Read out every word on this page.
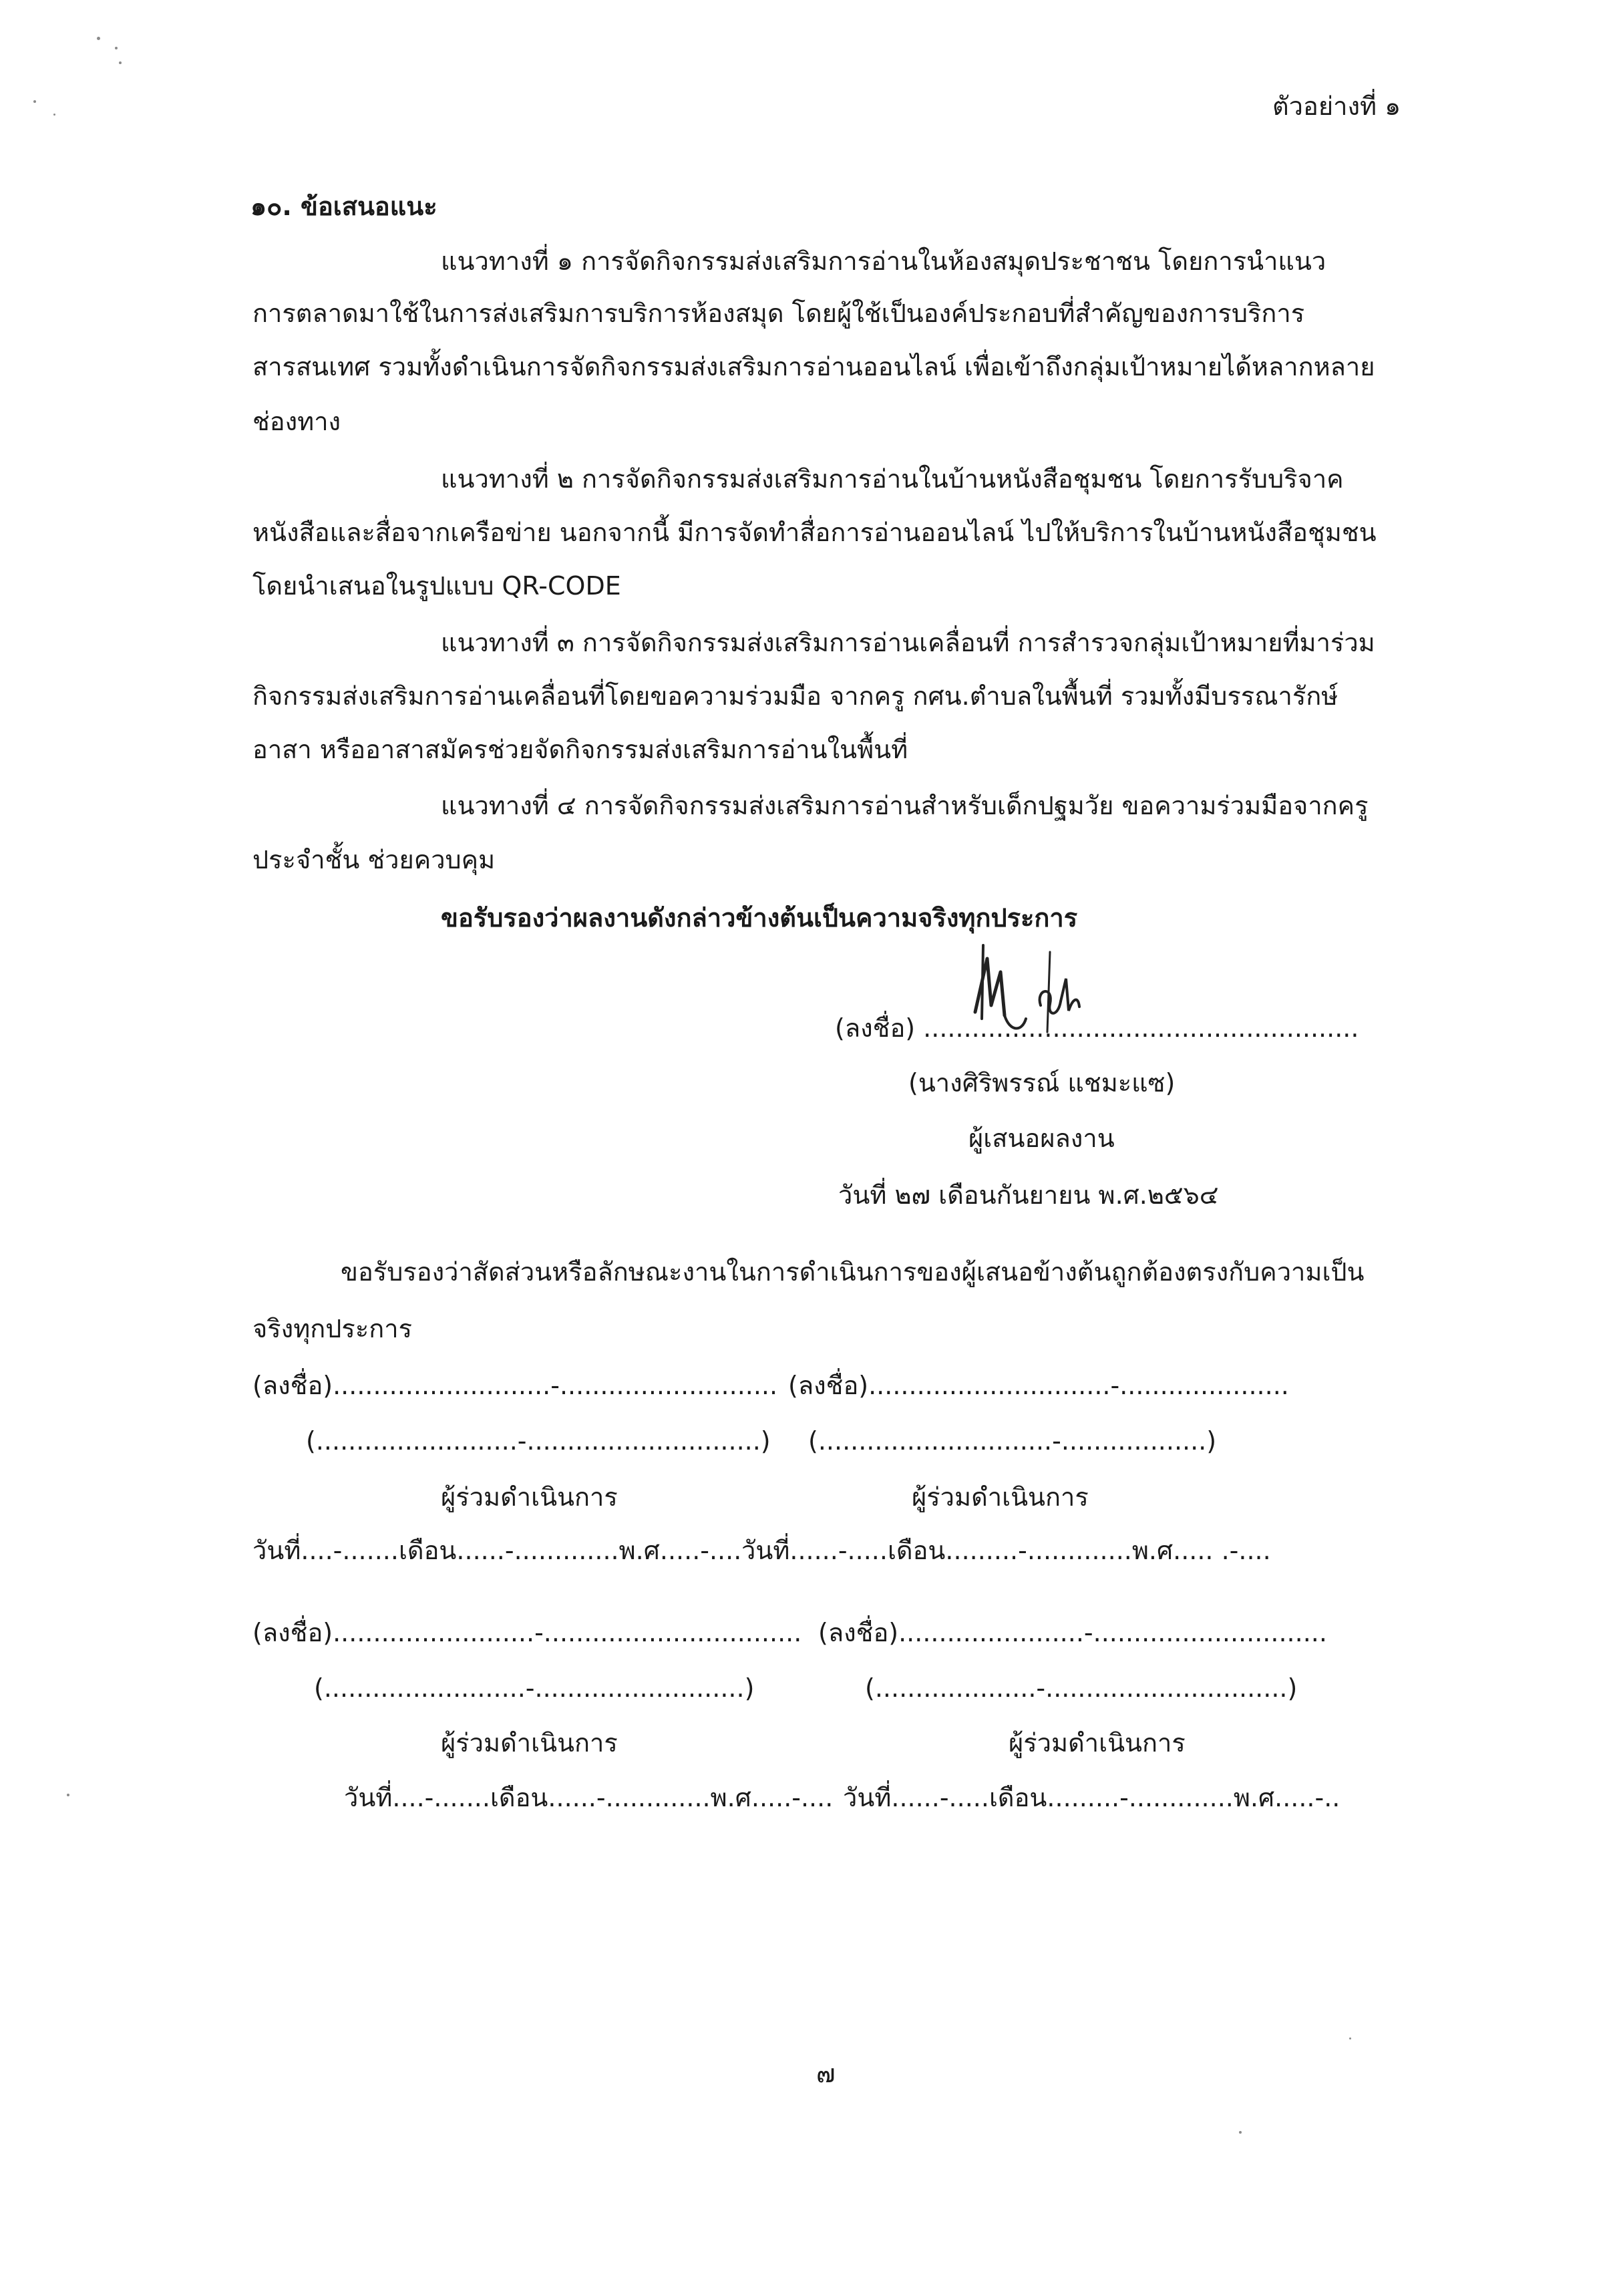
ตัวอย่างที่ ๑
๑๐. ข้อเสนอแนะ
แนวทางที่ ๑ การจัดกิจกรรมส่งเสริมการอ่านในห้องสมุดประชาชน โดยการนำแนว
การตลาดมาใช้ในการส่งเสริมการบริการห้องสมุด โดยผู้ใช้เป็นองค์ประกอบที่สำคัญของการบริการ
สารสนเทศ รวมทั้งดำเนินการจัดกิจกรรมส่งเสริมการอ่านออนไลน์ เพื่อเข้าถึงกลุ่มเป้าหมายได้หลากหลาย
ช่องทาง
แนวทางที่ ๒ การจัดกิจกรรมส่งเสริมการอ่านในบ้านหนังสือชุมชน โดยการรับบริจาค
หนังสือและสื่อจากเครือข่าย นอกจากนี้ มีการจัดทำสื่อการอ่านออนไลน์ ไปให้บริการในบ้านหนังสือชุมชน
โดยนำเสนอในรูปแบบ QR-CODE
แนวทางที่ ๓ การจัดกิจกรรมส่งเสริมการอ่านเคลื่อนที่ การสำรวจกลุ่มเป้าหมายที่มาร่วม
กิจกรรมส่งเสริมการอ่านเคลื่อนที่โดยขอความร่วมมือ จากครู กศน.ตำบลในพื้นที่ รวมทั้งมีบรรณารักษ์
อาสา หรืออาสาสมัครช่วยจัดกิจกรรมส่งเสริมการอ่านในพื้นที่
แนวทางที่ ๔ การจัดกิจกรรมส่งเสริมการอ่านสำหรับเด็กปฐมวัย ขอความร่วมมือจากครู
ประจำชั้น ช่วยควบคุม
ขอรับรองว่าผลงานดังกล่าวข้างต้นเป็นความจริงทุกประการ
(ลงชื่อ) ......................................................
(นางศิริพรรณ์ แชมะแซ)
ผู้เสนอผลงาน
วันที่ ๒๗ เดือนกันยายน พ.ศ.๒๕๖๔
ขอรับรองว่าสัดส่วนหรือลักษณะงานในการดำเนินการของผู้เสนอข้างต้นถูกต้องตรงกับความเป็น
จริงทุกประการ
(ลงชื่อ)...........................-...........................
(.........................-.............................)
ผู้ร่วมดำเนินการ
วันที่....-.......เดือน......-.............พ.ศ.....-....
(ลงชื่อ)..............................-.....................
(.............................-..................)
ผู้ร่วมดำเนินการ
วันที่......-.....เดือน.........-.............พ.ศ..... .-....
(ลงชื่อ).........................-................................
(.........................-..........................)
ผู้ร่วมดำเนินการ
วันที่....-.......เดือน......-.............พ.ศ.....-....
(ลงชื่อ).......................-.............................
(....................-..............................)
ผู้ร่วมดำเนินการ
วันที่......-.....เดือน.........-.............พ.ศ.....-..
๗
